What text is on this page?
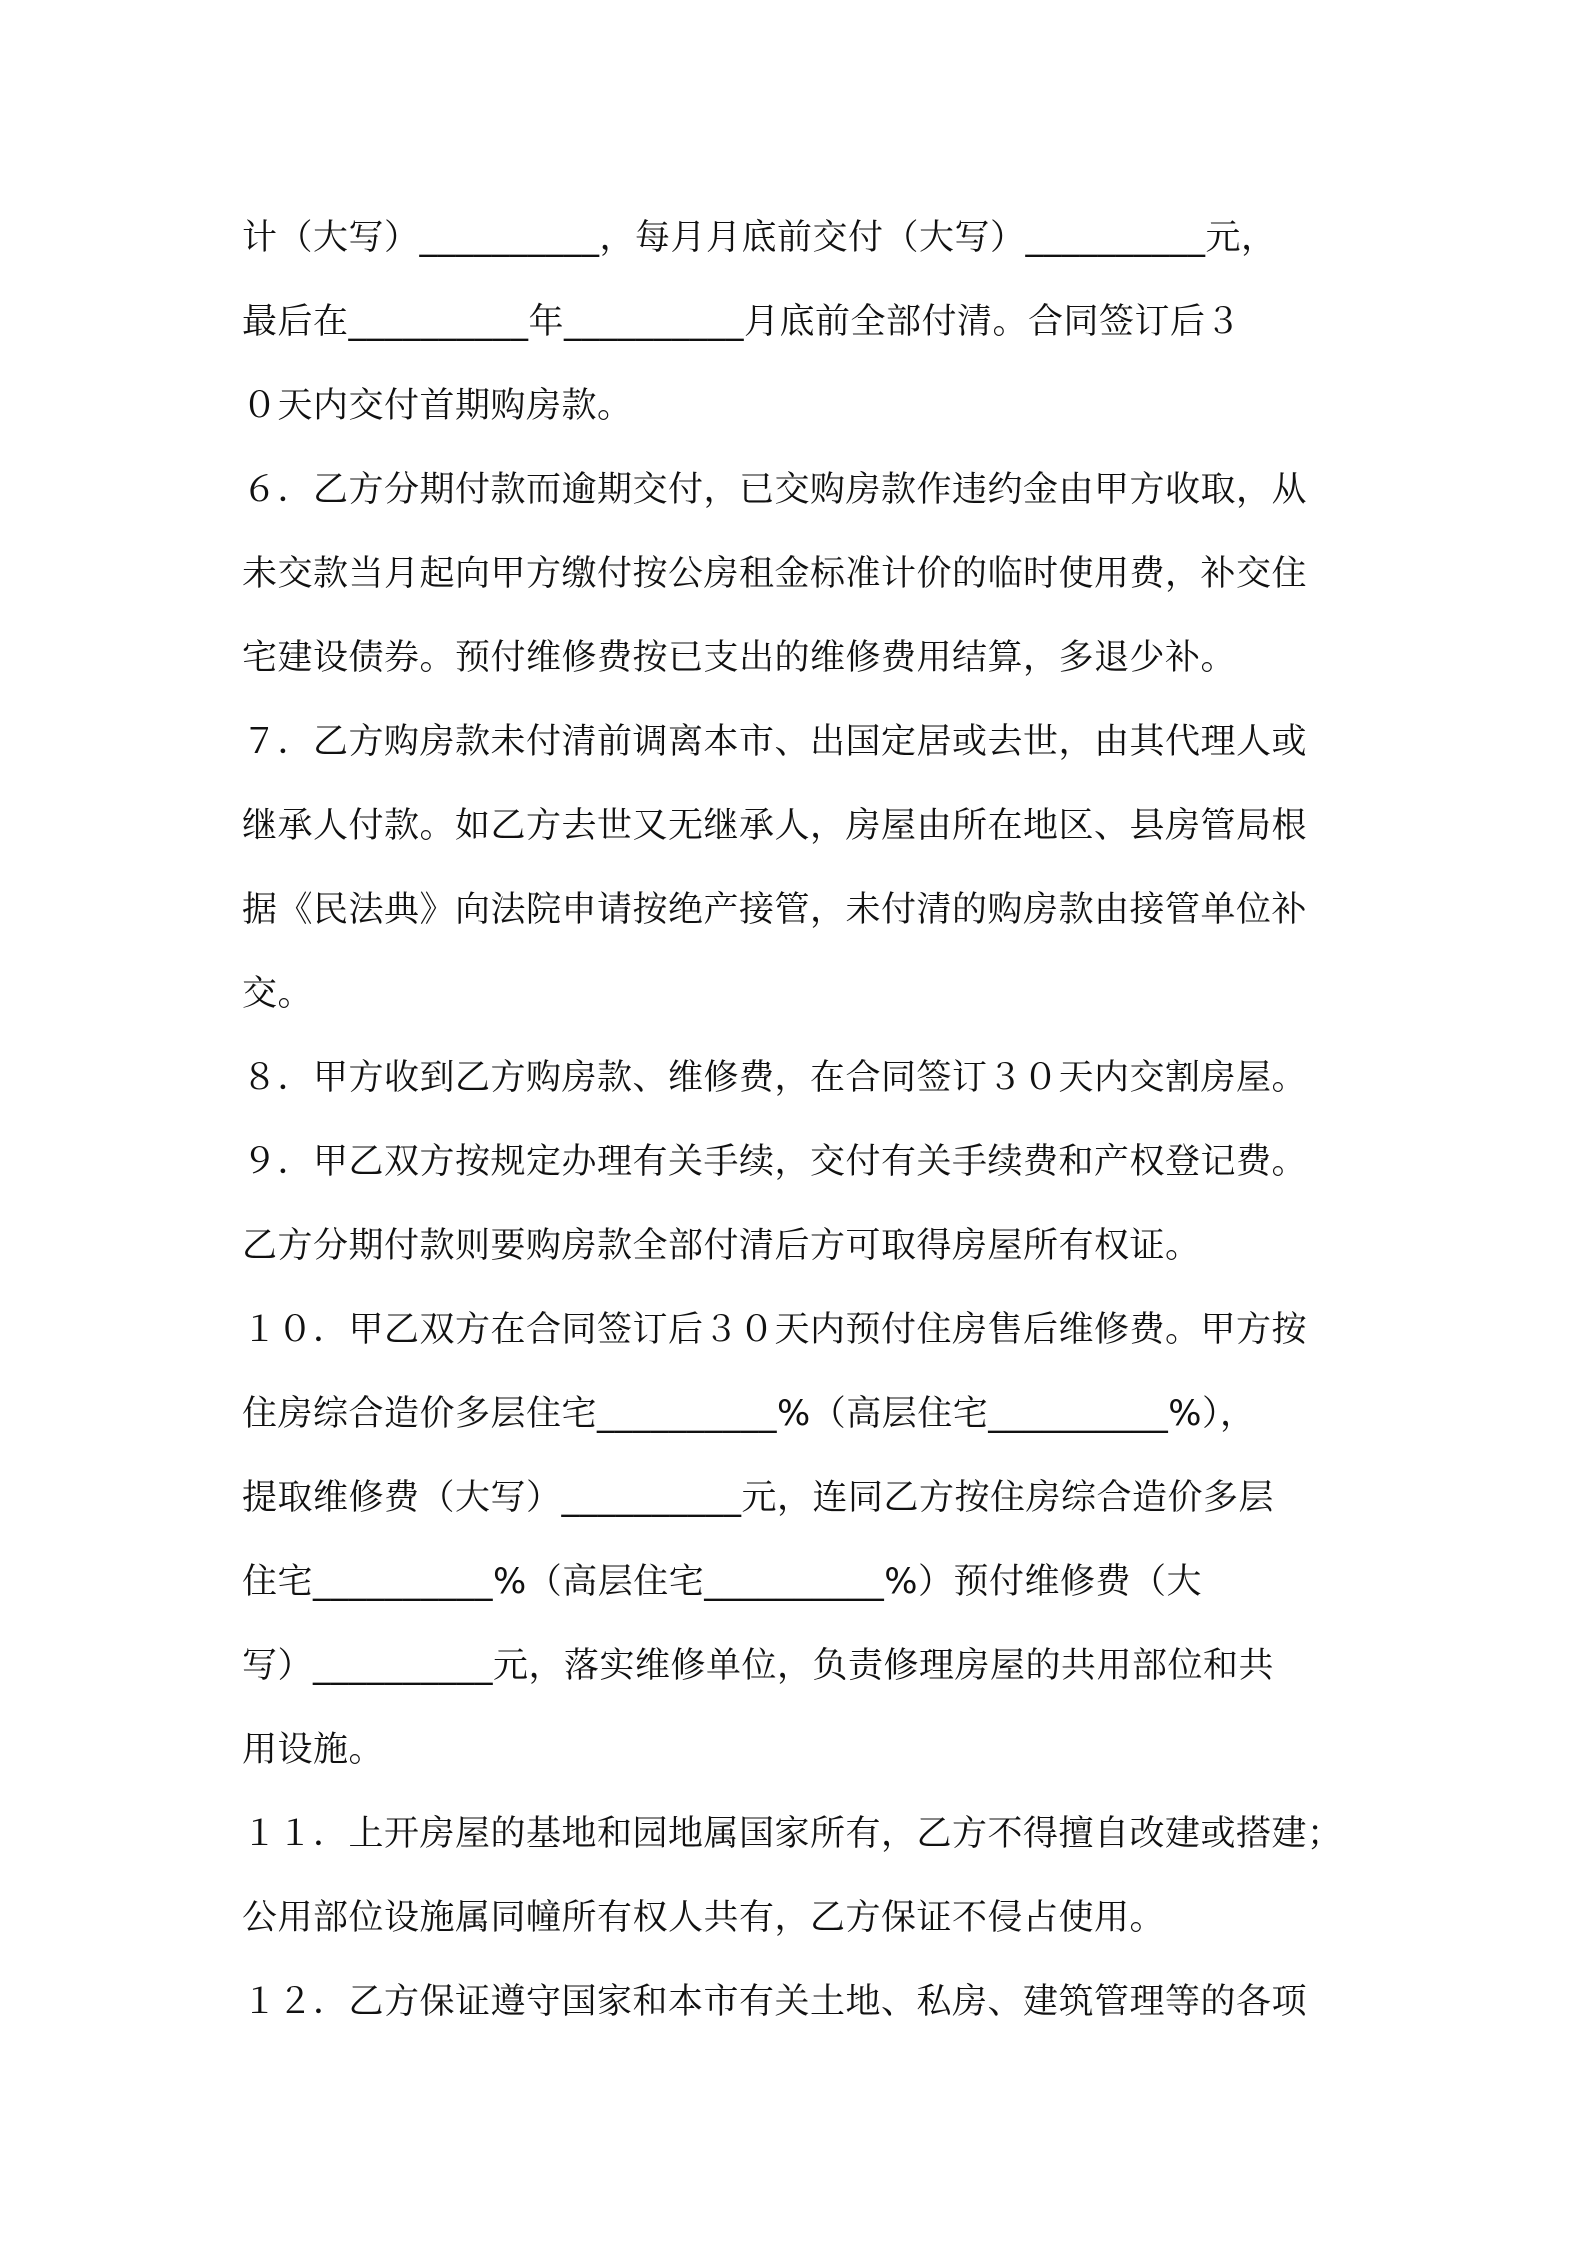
计（大写）__________，每月月底前交付（大写）__________元，
最后在__________年__________月底前全部付清。合同签订后３
０天内交付首期购房款。
６．乙方分期付款而逾期交付，已交购房款作违约金由甲方收取，从
未交款当月起向甲方缴付按公房租金标准计价的临时使用费，补交住
宅建设债券。预付维修费按已支出的维修费用结算，多退少补。
７．乙方购房款未付清前调离本市、出国定居或去世，由其代理人或
继承人付款。如乙方去世又无继承人，房屋由所在地区、县房管局根
据《民法典》向法院申请按绝产接管，未付清的购房款由接管单位补
交。
８．甲方收到乙方购房款、维修费，在合同签订３０天内交割房屋。
９．甲乙双方按规定办理有关手续，交付有关手续费和产权登记费。
乙方分期付款则要购房款全部付清后方可取得房屋所有权证。
１０．甲乙双方在合同签订后３０天内预付住房售后维修费。甲方按
住房综合造价多层住宅__________%（高层住宅__________%），
提取维修费（大写）__________元，连同乙方按住房综合造价多层
住宅__________%（高层住宅__________%）预付维修费（大
写）__________元，落实维修单位，负责修理房屋的共用部位和共
用设施。
１１．上开房屋的基地和园地属国家所有，乙方不得擅自改建或搭建；
公用部位设施属同幢所有权人共有，乙方保证不侵占使用。
１２．乙方保证遵守国家和本市有关土地、私房、建筑管理等的各项
